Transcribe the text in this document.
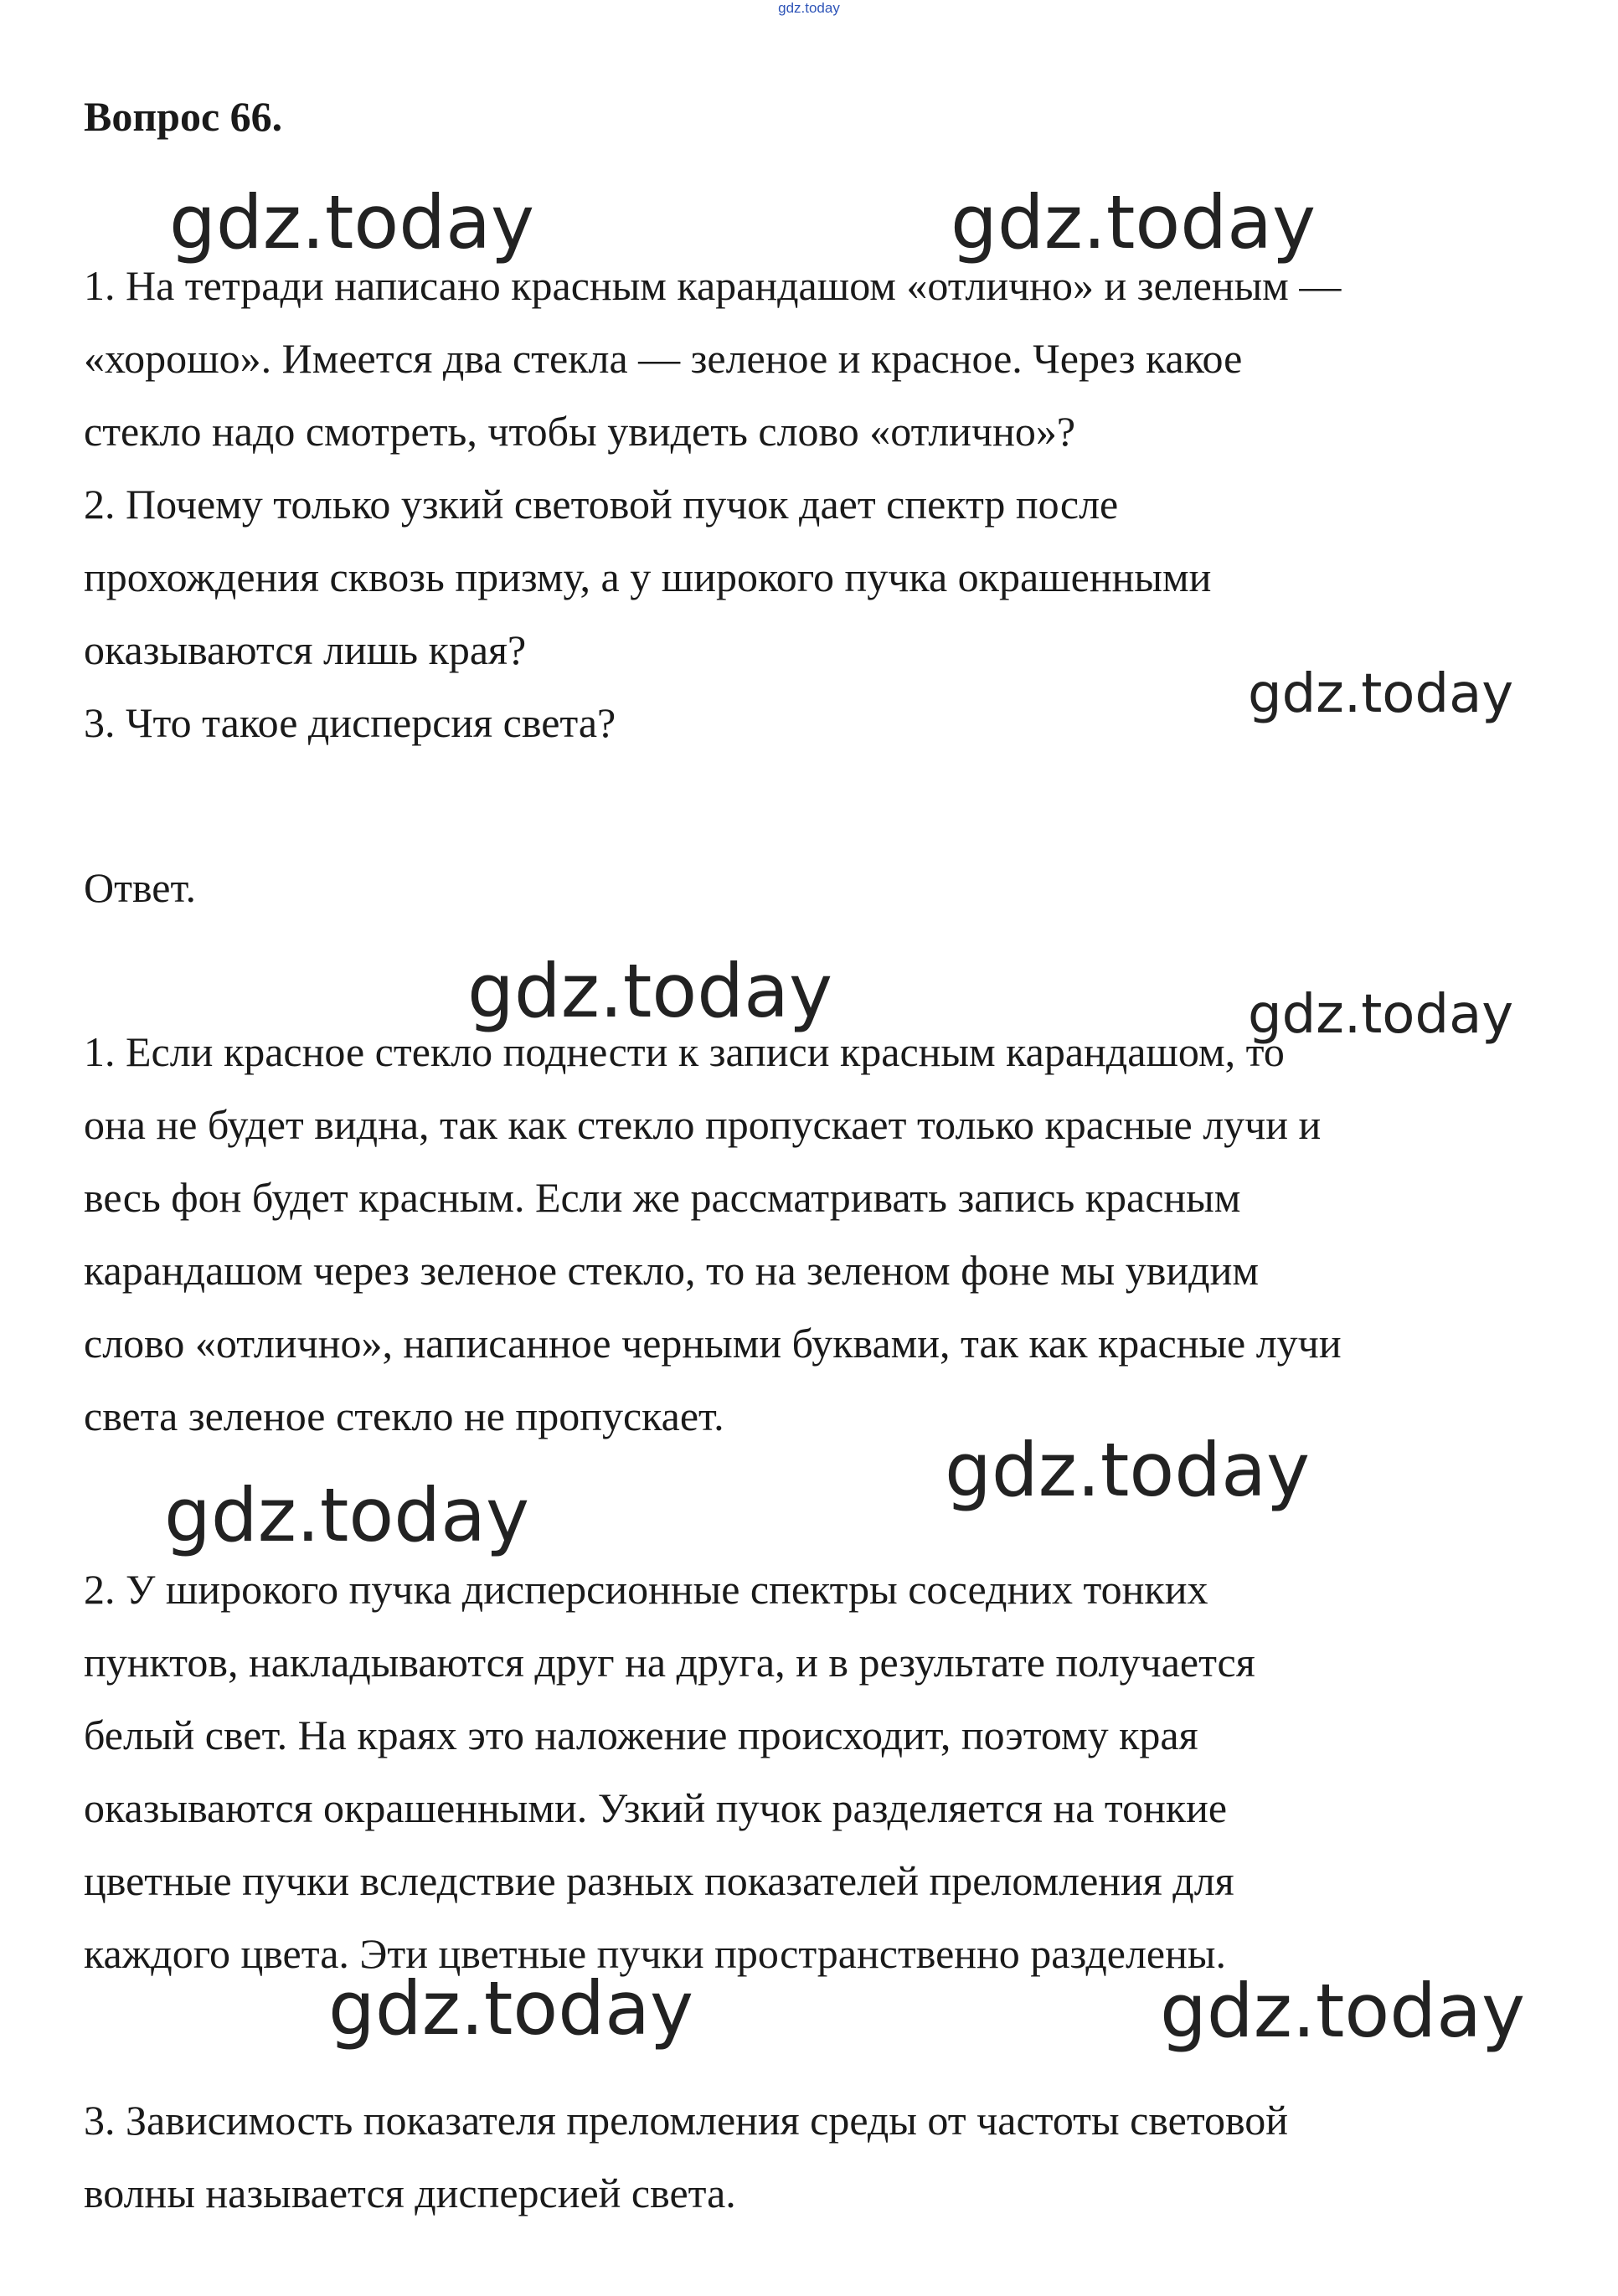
gdz.today
Вопрос 66.

1. На тетради написано красным карандашом «отлично» и зеленым —
«хорошо». Имеется два стекла — зеленое и красное. Через какое
стекло надо смотреть, чтобы увидеть слово «отлично»?

2. Почему только узкий световой пучок дает спектр после
прохождения сквозь призму, а у широкого пучка окрашенными
оказываются лишь края?

3. Что такое дисперсия света?

Ответ.

1. Если красное стекло поднести к записи красным карандашом, то
она не будет видна, так как стекло пропускает только красные лучи и
весь фон будет красным. Если же рассматривать запись красным
карандашом через зеленое стекло, то на зеленом фоне мы увидим
слово «отлично», написанное черными буквами, так как красные лучи
света зеленое стекло не пропускает.

2. У широкого пучка дисперсионные спектры соседних тонких
пунктов, накладываются друг на друга, и в результате получается
белый свет. На краях это наложение происходит, поэтому края
оказываются окрашенными. Узкий пучок разделяется на тонкие
цветные пучки вследствие разных показателей преломления для
каждого цвета. Эти цветные пучки пространственно разделены.

3. Зависимость показателя преломления среды от частоты световой
волны называется дисперсией света.

gdz.today	gdz.today
gdz.today
gdz.today	gdz.today
gdz.today
gdz.today
gdz.today	gdz.today
